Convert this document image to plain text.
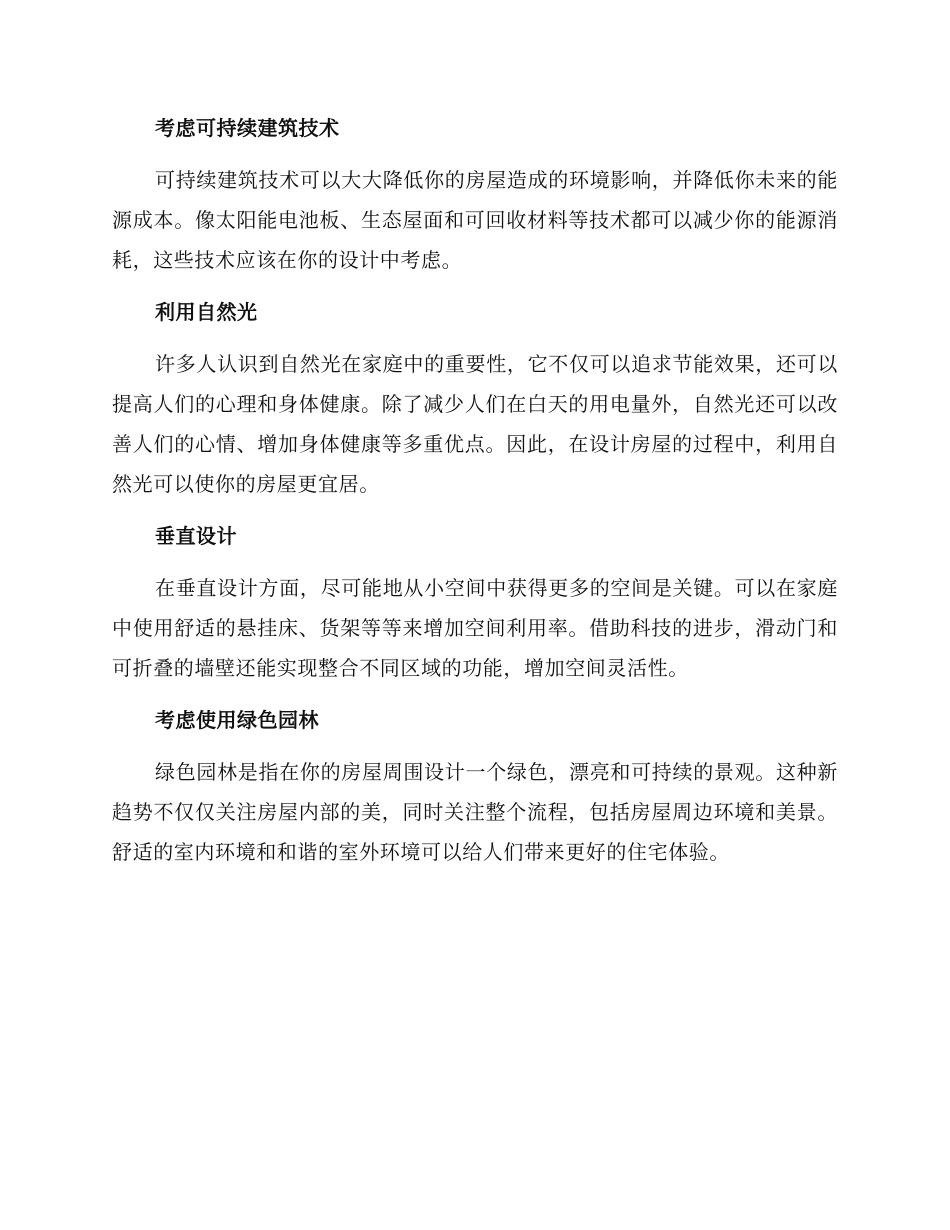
考虑可持续建筑技术

可持续建筑技术可以大大降低你的房屋造成的环境影响，并降低你未来的能源成本。像太阳能电池板、生态屋面和可回收材料等技术都可以减少你的能源消耗，这些技术应该在你的设计中考虑。

利用自然光

许多人认识到自然光在家庭中的重要性，它不仅可以追求节能效果，还可以提高人们的心理和身体健康。除了减少人们在白天的用电量外，自然光还可以改善人们的心情、增加身体健康等多重优点。因此，在设计房屋的过程中，利用自然光可以使你的房屋更宜居。

垂直设计

在垂直设计方面，尽可能地从小空间中获得更多的空间是关键。可以在家庭中使用舒适的悬挂床、货架等等来增加空间利用率。借助科技的进步，滑动门和可折叠的墙壁还能实现整合不同区域的功能，增加空间灵活性。

考虑使用绿色园林

绿色园林是指在你的房屋周围设计一个绿色，漂亮和可持续的景观。这种新趋势不仅仅关注房屋内部的美，同时关注整个流程，包括房屋周边环境和美景。舒适的室内环境和和谐的室外环境可以给人们带来更好的住宅体验。
